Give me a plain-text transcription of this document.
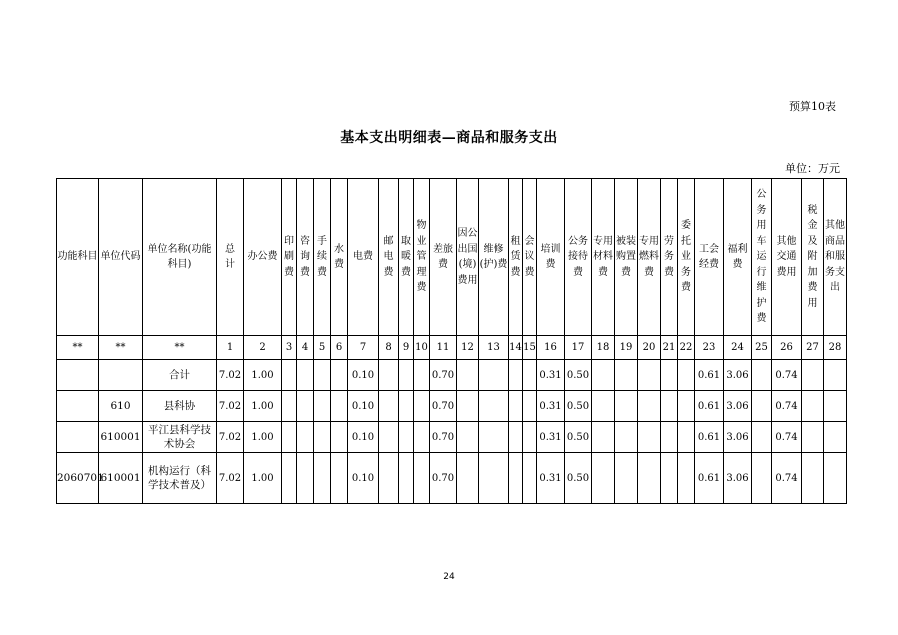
预算10表
基本支出明细表—商品和服务支出
单位：万元
功能科目	单位代码	单位名称(功能科目)	总计	办公费	印刷费	咨询费	手续费	水费	电费	邮电费	取暖费	物业管理费	差旅费	因公出国(境)费用	维修(护)费	租赁费	会议费	培训费	公务接待费	专用材料费	被装购置费	专用燃料费	劳务费	委托业务费	工会经费	福利费	公务用车运行维护费	其他交通费用	税金及附加费用	其他商品和服务支出
**	**	**	1	2	3	4	5	6	7	8	9	10	11	12	13	14	15	16	17	18	19	20	21	22	23	24	25	26	27	28
		合计	7.02	1.00					0.10				0.70					0.31	0.50						0.61	3.06		0.74		
	610	县科协	7.02	1.00					0.10				0.70					0.31	0.50						0.61	3.06		0.74		
	610001	平江县科学技术协会	7.02	1.00					0.10				0.70					0.31	0.50						0.61	3.06		0.74		
2060701	610001	机构运行（科学技术普及）	7.02	1.00					0.10				0.70					0.31	0.50						0.61	3.06		0.74		
24
